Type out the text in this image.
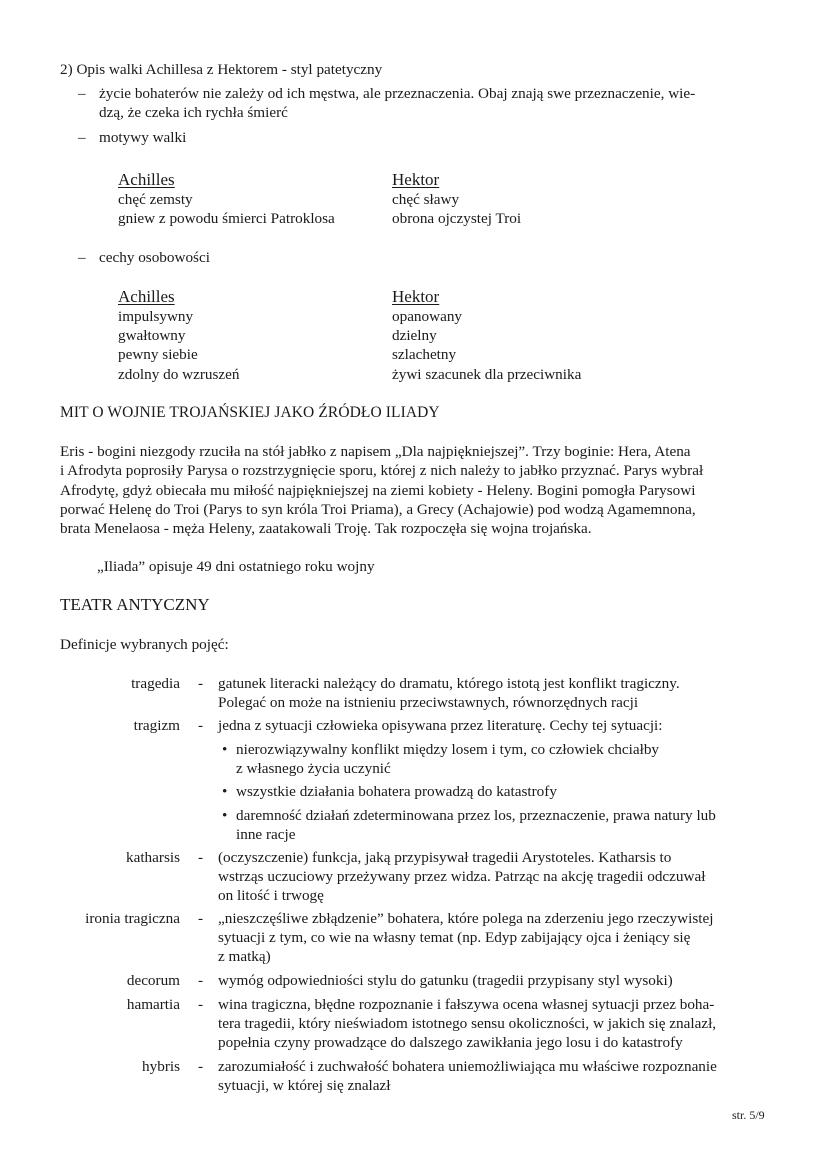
2) Opis walki Achillesa z Hektorem - styl patetyczny
– życie bohaterów nie zależy od ich męstwa, ale przeznaczenia. Obaj znają swe przeznaczenie, wie-
dzą, że czeka ich rychła śmierć
– motywy walki
Achilles	Hektor
chęć zemsty
gniew z powodu śmierci Patroklosa
chęć sławy
obrona ojczystej Troi
– cechy osobowości
Achilles	Hektor
impulsywny
gwałtowny
pewny siebie
zdolny do wzruszeń
opanowany
dzielny
szlachetny
żywi szacunek dla przeciwnika
MIT O WOJNIE TROJAŃSKIEJ JAKO ŹRÓDŁO ILIADY
Eris - bogini niezgody rzuciła na stół jabłko z napisem „Dla najpiękniejszej”. Trzy boginie: Hera, Atena
i Afrodyta poprosiły Parysa o rozstrzygnięcie sporu, której z nich należy to jabłko przyznać. Parys wybrał
Afrodytę, gdyż obiecała mu miłość najpiękniejszej na ziemi kobiety - Heleny. Bogini pomogła Parysowi
porwać Helenę do Troi (Parys to syn króla Troi Priama), a Grecy (Achajowie) pod wodzą Agamemnona,
brata Menelaosa - męża Heleny, zaatakowali Troję. Tak rozpoczęła się wojna trojańska.
„Iliada” opisuje 49 dni ostatniego roku wojny
TEATR ANTYCZNY
Definicje wybranych pojęć:
tragedia - gatunek literacki należący do dramatu, którego istotą jest konflikt tragiczny.
Polegać on może na istnieniu przeciwstawnych, równorzędnych racji
tragizm - jedna z sytuacji człowieka opisywana przez literaturę. Cechy tej sytuacji:
• nierozwiązywalny konflikt między losem i tym, co człowiek chciałby
z własnego życia uczynić
• wszystkie działania bohatera prowadzą do katastrofy
• daremność działań zdeterminowana przez los, przeznaczenie, prawa natury lub
inne racje
katharsis - (oczyszczenie) funkcja, jaką przypisywał tragedii Arystoteles. Katharsis to
wstrząs uczuciowy przeżywany przez widza. Patrząc na akcję tragedii odczuwał
on litość i trwogę
ironia tragiczna - „nieszczęśliwe zbłądzenie” bohatera, które polega na zderzeniu jego rzeczywistej
sytuacji z tym, co wie na własny temat (np. Edyp zabijający ojca i żeniący się
z matką)
decorum - wymóg odpowiedniości stylu do gatunku (tragedii przypisany styl wysoki)
hamartia - wina tragiczna, błędne rozpoznanie i fałszywa ocena własnej sytuacji przez boha-
tera tragedii, który nieświadom istotnego sensu okoliczności, w jakich się znalazł,
popełnia czyny prowadzące do dalszego zawikłania jego losu i do katastrofy
hybris - zarozumiałość i zuchwałość bohatera uniemożliwiająca mu właściwe rozpoznanie
sytuacji, w której się znalazł
str. 5/9
